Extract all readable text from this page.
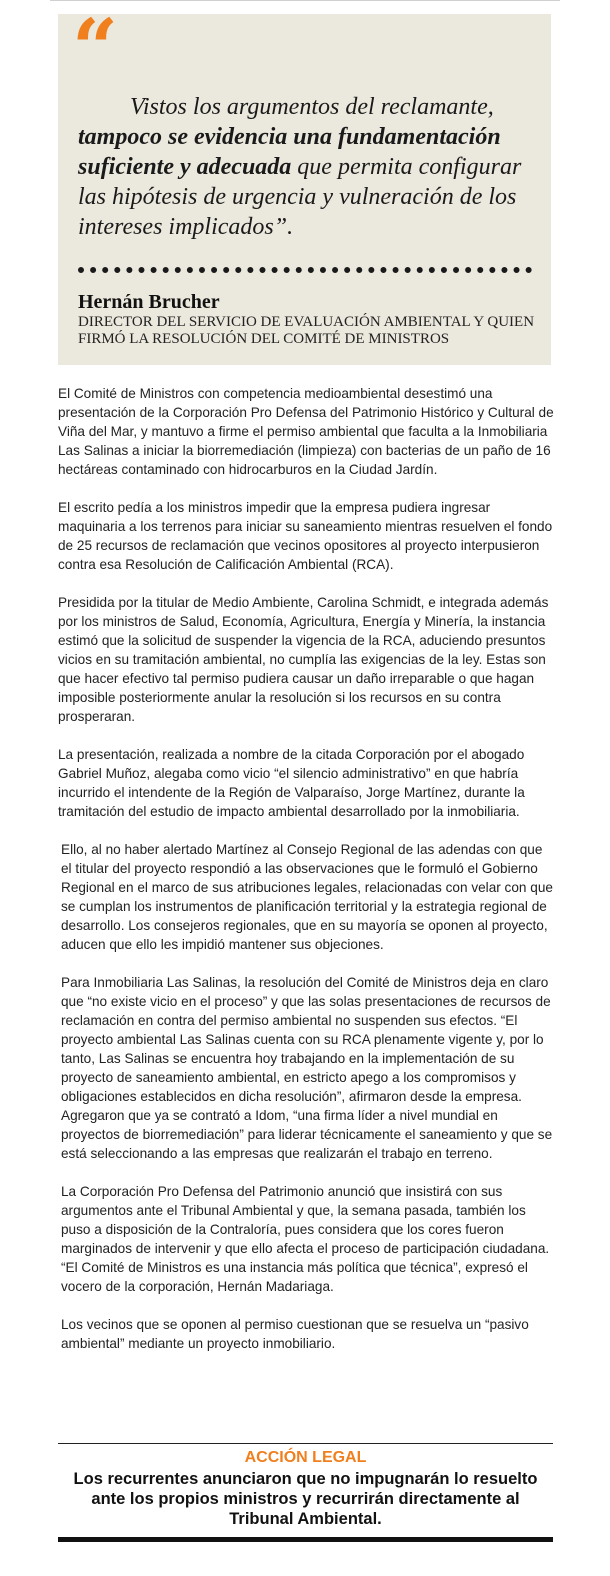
“
Vistos los argumentos del reclamante, tampoco se evidencia una fundamentación suficiente y adecuada que permita configurar las hipótesis de urgencia y vulneración de los intereses implicados”.
Hernán Brucher
DIRECTOR DEL SERVICIO DE EVALUACIÓN AMBIENTAL Y QUIEN FIRMÓ LA RESOLUCIÓN DEL COMITÉ DE MINISTROS

El Comité de Ministros con competencia medioambiental desestimó una presentación de la Corporación Pro Defensa del Patrimonio Histórico y Cultural de Viña del Mar, y mantuvo a firme el permiso ambiental que faculta a la Inmobiliaria Las Salinas a iniciar la biorremediación (limpieza) con bacterias de un paño de 16 hectáreas contaminado con hidrocarburos en la Ciudad Jardín.

El escrito pedía a los ministros impedir que la empresa pudiera ingresar maquinaria a los terrenos para iniciar su saneamiento mientras resuelven el fondo de 25 recursos de reclamación que vecinos opositores al proyecto interpusieron contra esa Resolución de Calificación Ambiental (RCA).

Presidida por la titular de Medio Ambiente, Carolina Schmidt, e integrada además por los ministros de Salud, Economía, Agricultura, Energía y Minería, la instancia estimó que la solicitud de suspender la vigencia de la RCA, aduciendo presuntos vicios en su tramitación ambiental, no cumplía las exigencias de la ley. Estas son que hacer efectivo tal permiso pudiera causar un daño irreparable o que hagan imposible posteriormente anular la resolución si los recursos en su contra prosperaran.

La presentación, realizada a nombre de la citada Corporación por el abogado Gabriel Muñoz, alegaba como vicio “el silencio administrativo” en que habría incurrido el intendente de la Región de Valparaíso, Jorge Martínez, durante la tramitación del estudio de impacto ambiental desarrollado por la inmobiliaria.

Ello, al no haber alertado Martínez al Consejo Regional de las adendas con que el titular del proyecto respondió a las observaciones que le formuló el Gobierno Regional en el marco de sus atribuciones legales, relacionadas con velar con que se cumplan los instrumentos de planificación territorial y la estrategia regional de desarrollo. Los consejeros regionales, que en su mayoría se oponen al proyecto, aducen que ello les impidió mantener sus objeciones.

Para Inmobiliaria Las Salinas, la resolución del Comité de Ministros deja en claro que “no existe vicio en el proceso” y que las solas presentaciones de recursos de reclamación en contra del permiso ambiental no suspenden sus efectos. “El proyecto ambiental Las Salinas cuenta con su RCA plenamente vigente y, por lo tanto, Las Salinas se encuentra hoy trabajando en la implementación de su proyecto de saneamiento ambiental, en estricto apego a los compromisos y obligaciones establecidos en dicha resolución”, afirmaron desde la empresa. Agregaron que ya se contrató a Idom, “una firma líder a nivel mundial en proyectos de biorremediación” para liderar técnicamente el saneamiento y que se está seleccionando a las empresas que realizarán el trabajo en terreno.

La Corporación Pro Defensa del Patrimonio anunció que insistirá con sus argumentos ante el Tribunal Ambiental y que, la semana pasada, también los puso a disposición de la Contraloría, pues considera que los cores fueron marginados de intervenir y que ello afecta el proceso de participación ciudadana. “El Comité de Ministros es una instancia más política que técnica”, expresó el vocero de la corporación, Hernán Madariaga.

Los vecinos que se oponen al permiso cuestionan que se resuelva un “pasivo ambiental” mediante un proyecto inmobiliario.

ACCIÓN LEGAL
Los recurrentes anunciaron que no impugnarán lo resuelto ante los propios ministros y recurrirán directamente al Tribunal Ambiental.
